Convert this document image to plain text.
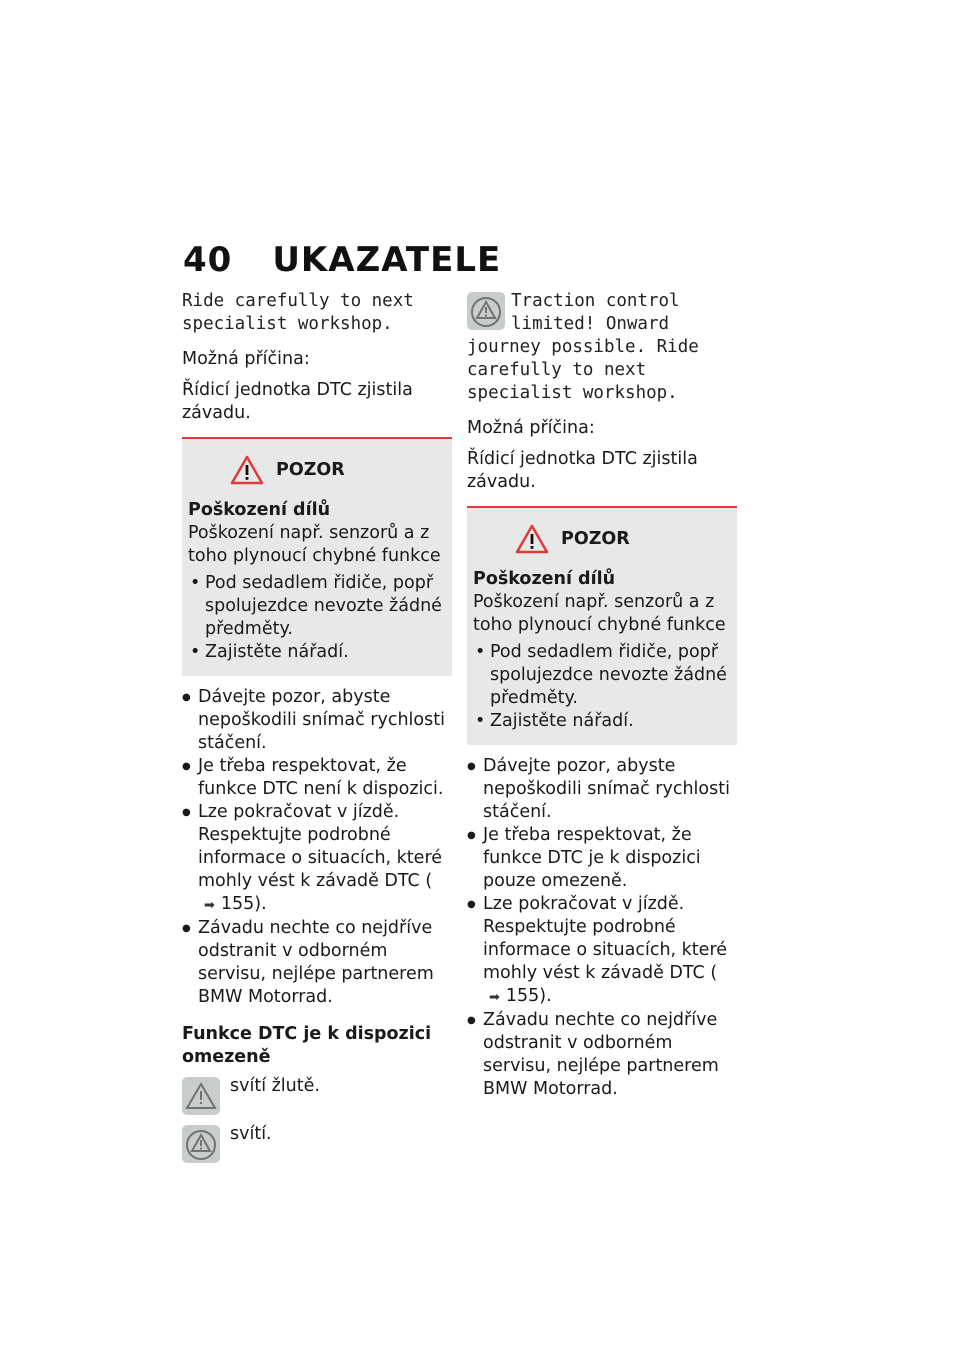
40 UKAZATELE

Ride carefully to next specialist workshop.

Možná příčina:

Řídicí jednotka DTC zjistila závadu.

POZOR
Poškození dílů

Poškození např. senzorů a z toho plynoucí chybné funkce

• Pod sedadlem řidiče, popř spolujezdce nevozte žádné předměty.
• Zajistěte nářadí.
● Dávejte pozor, abyste nepoškodili snímač rychlosti stáčení.
● Je třeba respektovat, že funkce DTC není k dispozici.
● Lze pokračovat v jízdě. Respektujte podrobné informace o situacích, které mohly vést k závadě DTC (➡ 155).
● Závadu nechte co nejdříve odstranit v odborném servisu, nejlépe partnerem BMW Motorrad.
Funkce DTC je k dispozici omezeně
svítí žlutě.
svítí.

Traction control limited! Onward journey possible. Ride carefully to next specialist workshop.

Možná příčina:

Řídicí jednotka DTC zjistila závadu.

POZOR
Poškození dílů

Poškození např. senzorů a z toho plynoucí chybné funkce

• Pod sedadlem řidiče, popř spolujezdce nevozte žádné předměty.
• Zajistěte nářadí.
● Dávejte pozor, abyste nepoškodili snímač rychlosti stáčení.
● Je třeba respektovat, že funkce DTC je k dispozici pouze omezeně.
● Lze pokračovat v jízdě. Respektujte podrobné informace o situacích, které mohly vést k závadě DTC (➡ 155).
● Závadu nechte co nejdříve odstranit v odborném servisu, nejlépe partnerem BMW Motorrad.
